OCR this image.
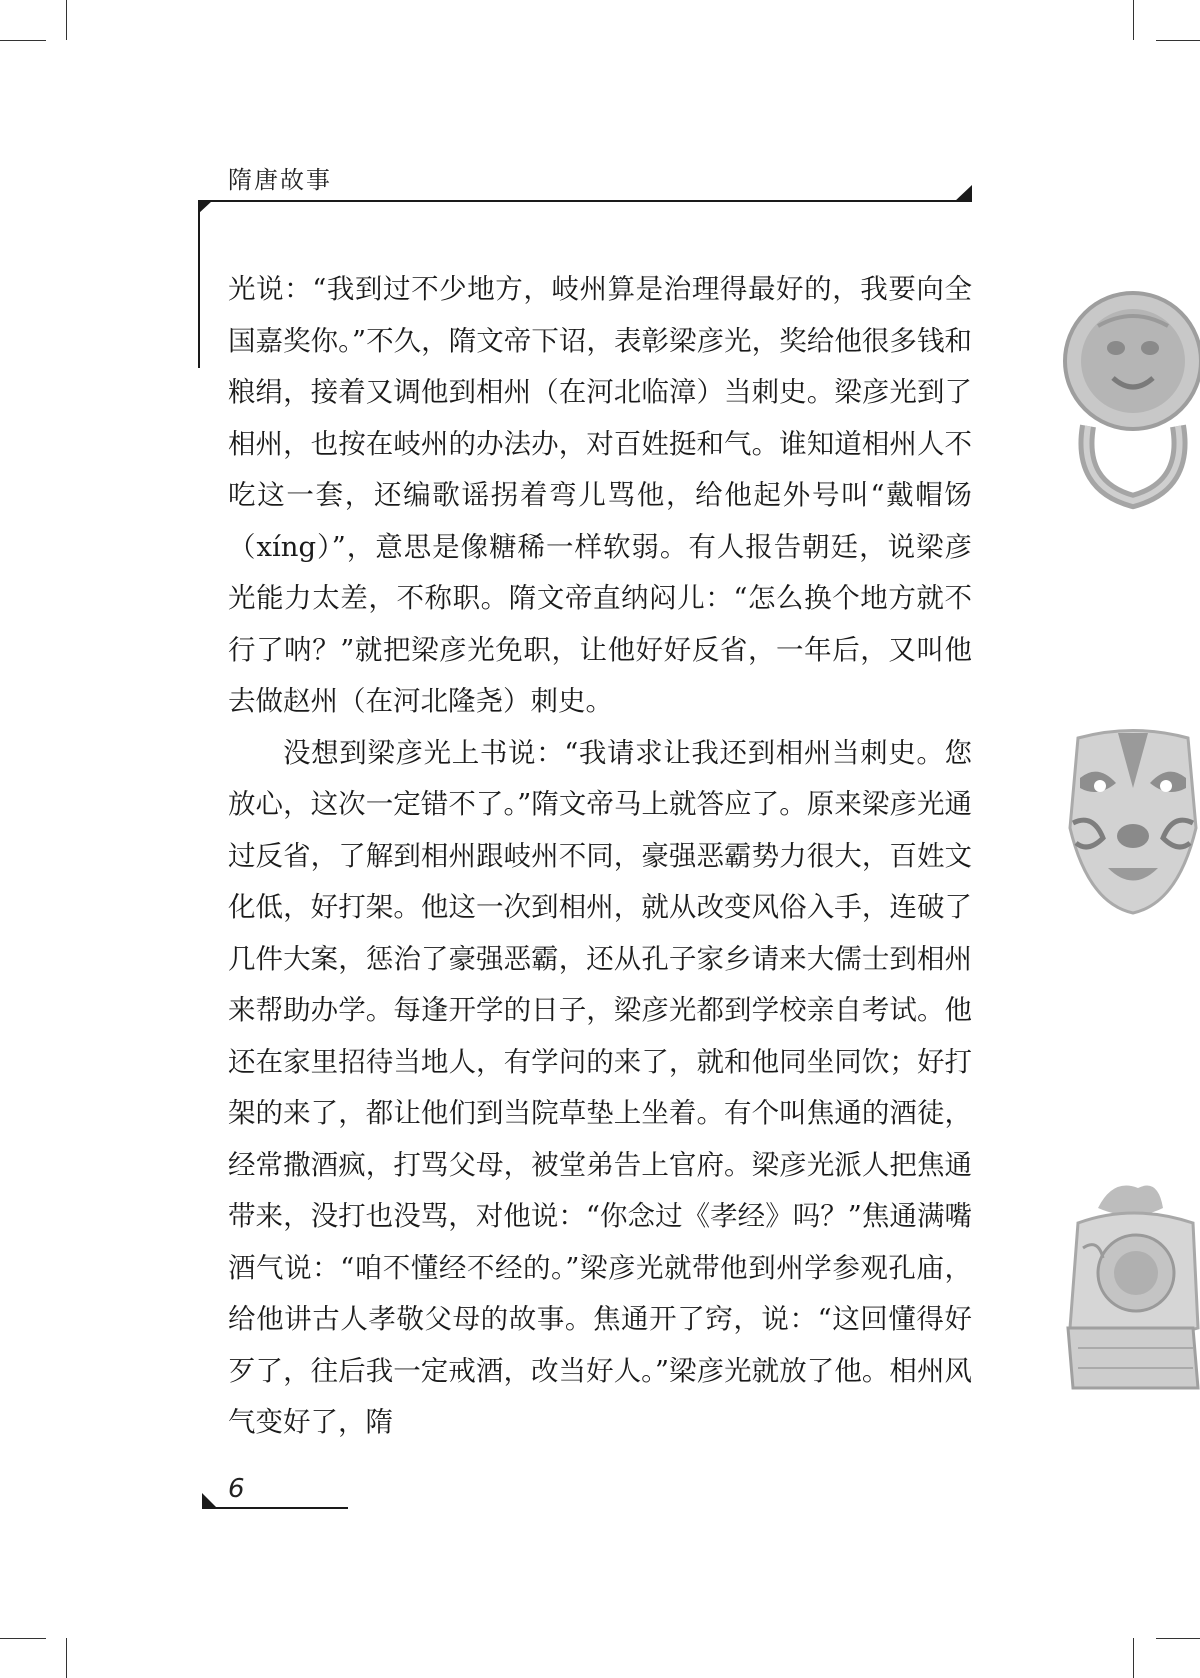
隋唐故事

光说：“我到过不少地方，岐州算是治理得最好的，我要向全国嘉奖你。”不久，隋文帝下诏，表彰梁彦光，奖给他很多钱和粮绢，接着又调他到相州（在河北临漳）当刺史。梁彦光到了相州，也按在岐州的办法办，对百姓挺和气。谁知道相州人不吃这一套，还编歌谣拐着弯儿骂他，给他起外号叫“戴帽饧（xíng）”，意思是像糖稀一样软弱。有人报告朝廷，说梁彦光能力太差，不称职。隋文帝直纳闷儿：“怎么换个地方就不行了呐？”就把梁彦光免职，让他好好反省，一年后，又叫他去做赵州（在河北隆尧）刺史。

没想到梁彦光上书说：“我请求让我还到相州当刺史。您放心，这次一定错不了。”隋文帝马上就答应了。原来梁彦光通过反省，了解到相州跟岐州不同，豪强恶霸势力很大，百姓文化低，好打架。他这一次到相州，就从改变风俗入手，连破了几件大案，惩治了豪强恶霸，还从孔子家乡请来大儒士到相州来帮助办学。每逢开学的日子，梁彦光都到学校亲自考试。他还在家里招待当地人，有学问的来了，就和他同坐同饮；好打架的来了，都让他们到当院草垫上坐着。有个叫焦通的酒徒，经常撒酒疯，打骂父母，被堂弟告上官府。梁彦光派人把焦通带来，没打也没骂，对他说：“你念过《孝经》吗？”焦通满嘴酒气说：“咱不懂经不经的。”梁彦光就带他到州学参观孔庙，给他讲古人孝敬父母的故事。焦通开了窍，说：“这回懂得好歹了，往后我一定戒酒，改当好人。”梁彦光就放了他。相州风气变好了，隋

6
